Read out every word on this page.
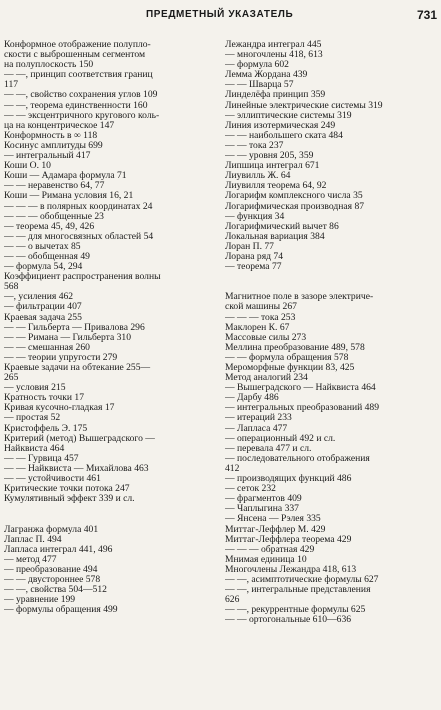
ПРЕДМЕТНЫЙ УКАЗАТЕЛЬ	731
Конформное отображение полупло-
скости с выброшенным сегментом
на полуплоскость 150
— —, принцип соответствия границ
117
— —, свойство сохранения углов 109
— —, теорема единственности 160
— — эксцентричного кругового коль-
ца на концентрическое 147
Конформность в ∞ 118
Косинус амплитуды 699
— интегральный 417
Коши О. 10
Коши — Адамара формула 71
— — неравенство 64, 77
Коши — Римана условия 16, 21
— — — в полярных координатах 24
— — — обобщенные 23
— теорема 45, 49, 426
— — для многосвязных областей 54
— — о вычетах 85
— — обобщенная 49
— формула 54, 294
Коэффициент распространения волны
568
—, усиления 462
— фильтрации 407
Краевая задача 255
— — Гильберта — Привалова 296
— — Римана — Гильберта 310
— — смешанная 260
— — теории упругости 279
Краевые задачи на обтекание 255—
265
— условия 215
Кратность точки 17
Кривая кусочно-гладкая 17
— простая 52
Кристоффель Э. 175
Критерий (метод) Вышеградского —
Найквиста 464
— — Гурвица 457
— — Найквиста — Михайлова 463
— — устойчивости 461
Критические точки потока 247
Кумулятивный эффект 339 и сл.
Лагранжа формула 401
Лаплас П. 494
Лапласа интеграл 441, 496
— метод 477
— преобразование 494
— — двустороннее 578
— —, свойства 504—512
— уравнение 199
— формулы обращения 499
Лежандра интеграл 445
— многочлены 418, 613
— формула 602
Лемма Жордана 439
— — Шварца 57
Линделёфа принцип 359
Линейные электрические системы 319
— эллиптические системы 319
Линия изотермическая 249
— — наибольшего ската 484
— — тока 237
— — уровня 205, 359
Липшица интеграл 671
Лиувилль Ж. 64
Лиувилля теорема 64, 92
Логарифм комплексного числа 35
Логарифмическая производная 87
— функция 34
Логарифмический вычет 86
Локальная вариация 384
Лоран П. 77
Лорана ряд 74
— теорема 77
Магнитное поле в зазоре электриче-
ской машины 267
— — — тока 253
Маклорен К. 67
Массовые силы 273
Меллина преобразование 489, 578
— — формула обращения 578
Мероморфные функции 83, 425
Метод аналогий 234
— Вышеградского — Найквиста 464
— Дарбу 486
— интегральных преобразований 489
— итераций 233
— Лапласа 477
— операционный 492 и сл.
— перевала 477 и сл.
— последовательного отображения
412
— производящих функций 486
— сеток 232
— фрагментов 409
— Чаплыгина 337
— Янсена — Рэлея 335
Миттаг-Леффлер М. 429
Миттаг-Леффлера теорема 429
— — — обратная 429
Мнимая единица 10
Многочлены Лежандра 418, 613
— —, асимптотические формулы 627
— —, интегральные представления
626
— —, рекуррентные формулы 625
— — ортогональные 610—636
